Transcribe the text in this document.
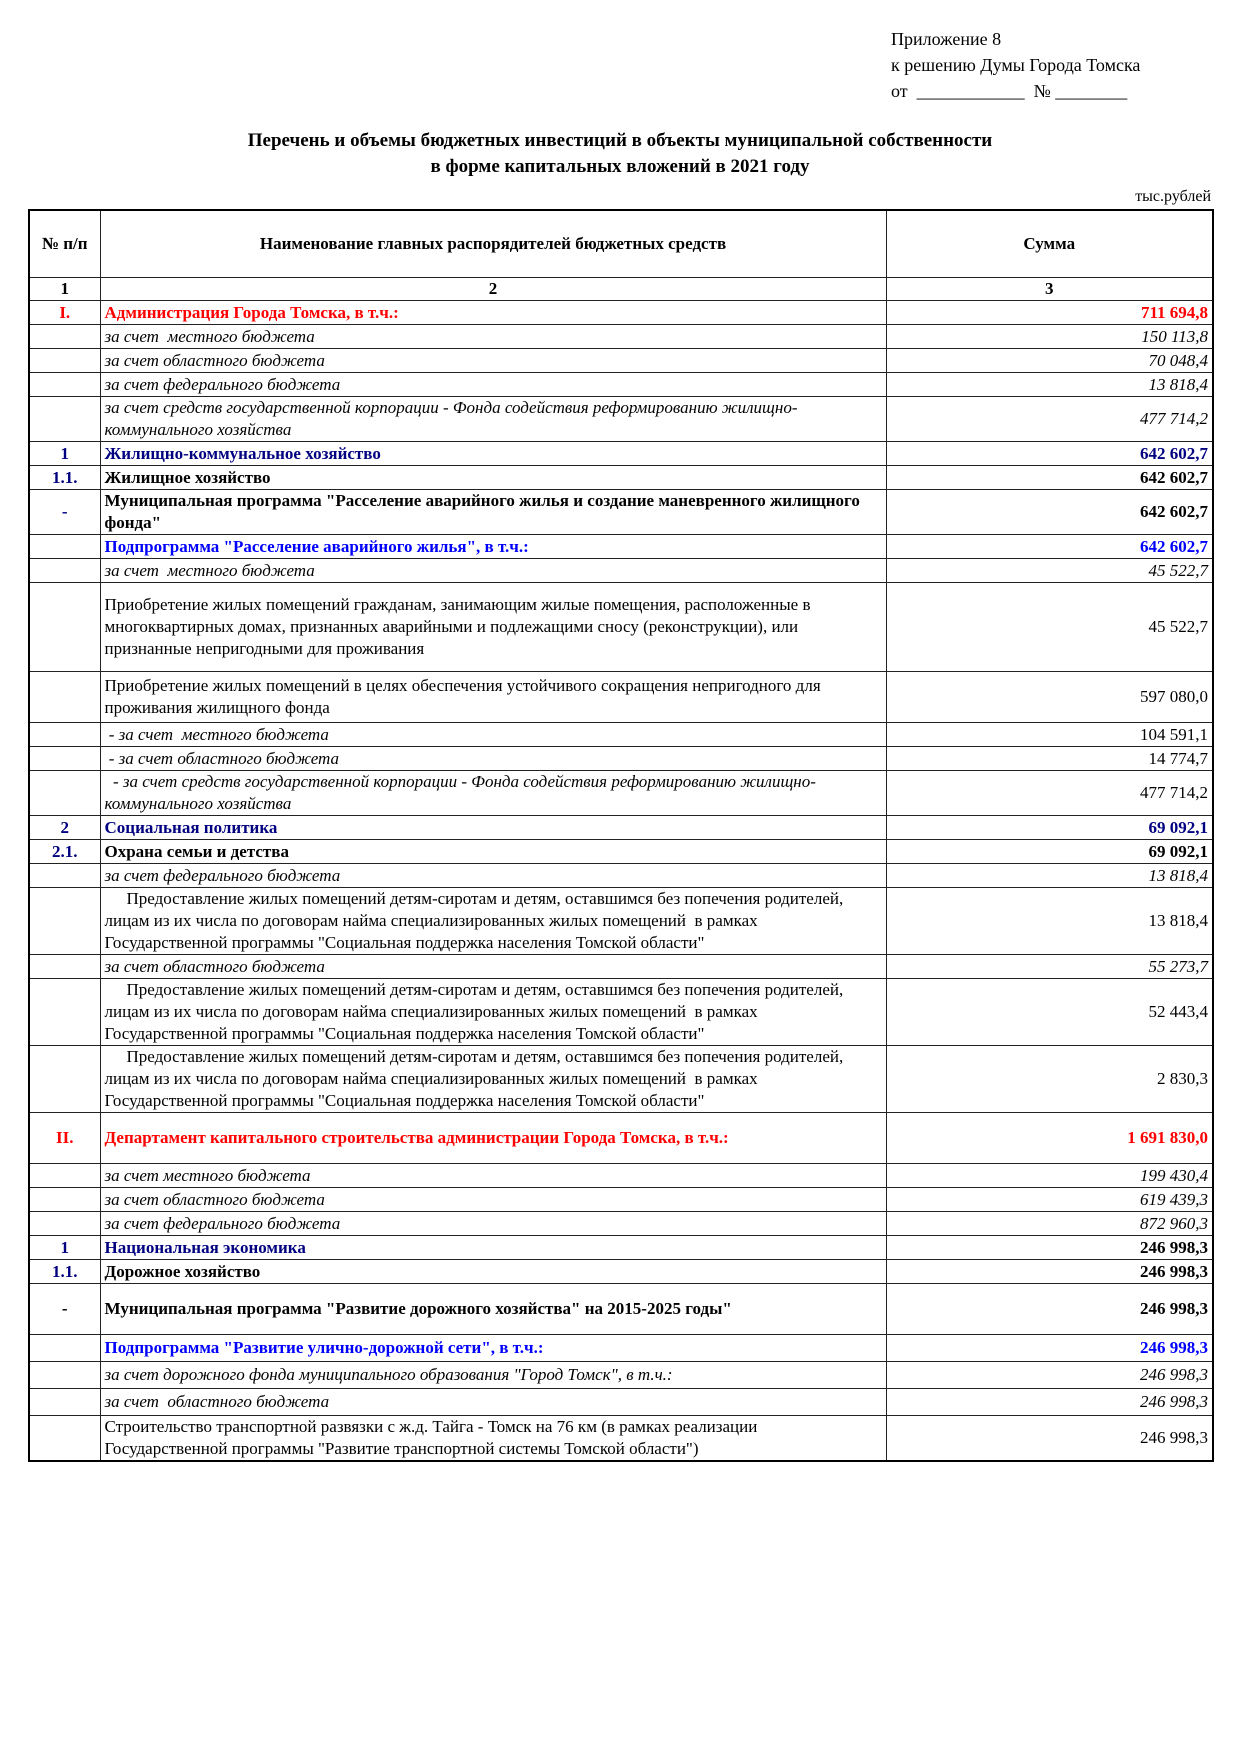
Приложение 8
к решению Думы Города Томска
от  ____________  № ________
Перечень и объемы бюджетных инвестиций в объекты муниципальной собственности
в форме капитальных вложений в 2021 году
тыс.рублей
№ п/п	Наименование главных распорядителей бюджетных средств	Сумма
1	2	3
I.	Администрация Города Томска, в т.ч.:	711 694,8
	за счет  местного бюджета	150 113,8
	за счет областного бюджета	70 048,4
	за счет федерального бюджета	13 818,4
	за счет средств государственной корпорации - Фонда содействия реформированию жилищно-коммунального хозяйства	477 714,2
1	Жилищно-коммунальное хозяйство	642 602,7
1.1.	Жилищное хозяйство	642 602,7
-	Муниципальная программа "Расселение аварийного жилья и создание маневренного жилищного фонда"	642 602,7
	Подпрограмма "Расселение аварийного жилья", в т.ч.:	642 602,7
	за счет  местного бюджета	45 522,7
	Приобретение жилых помещений гражданам, занимающим жилые помещения, расположенные в многоквартирных домах, признанных аварийными и подлежащими сносу (реконструкции), или признанные непригодными для проживания	45 522,7
	Приобретение жилых помещений в целях обеспечения устойчивого сокращения непригодного для проживания жилищного фонда	597 080,0
	- за счет  местного бюджета	104 591,1
	- за счет областного бюджета	14 774,7
	- за счет средств государственной корпорации - Фонда содействия реформированию жилищно-коммунального хозяйства	477 714,2
2	Социальная политика	69 092,1
2.1.	Охрана семьи и детства	69 092,1
	за счет федерального бюджета	13 818,4
	Предоставление жилых помещений детям-сиротам и детям, оставшимся без попечения родителей, лицам из их числа по договорам найма специализированных жилых помещений  в рамках Государственной программы "Социальная поддержка населения Томской области"	13 818,4
	за счет областного бюджета	55 273,7
	Предоставление жилых помещений детям-сиротам и детям, оставшимся без попечения родителей, лицам из их числа по договорам найма специализированных жилых помещений  в рамках Государственной программы "Социальная поддержка населения Томской области"	52 443,4
	Предоставление жилых помещений детям-сиротам и детям, оставшимся без попечения родителей, лицам из их числа по договорам найма специализированных жилых помещений  в рамках Государственной программы "Социальная поддержка населения Томской области"	2 830,3
II.	Департамент капитального строительства администрации Города Томска, в т.ч.:	1 691 830,0
	за счет местного бюджета	199 430,4
	за счет областного бюджета	619 439,3
	за счет федерального бюджета	872 960,3
1	Национальная экономика	246 998,3
1.1.	Дорожное хозяйство	246 998,3
-	Муниципальная программа "Развитие дорожного хозяйства" на 2015-2025 годы"	246 998,3
	Подпрограмма "Развитие улично-дорожной сети", в т.ч.:	246 998,3
	за счет дорожного фонда муниципального образования "Город Томск", в т.ч.:	246 998,3
	за счет  областного бюджета	246 998,3
	Строительство транспортной развязки с ж.д. Тайга - Томск на 76 км (в рамках реализации Государственной программы "Развитие транспортной системы Томской области")	246 998,3
